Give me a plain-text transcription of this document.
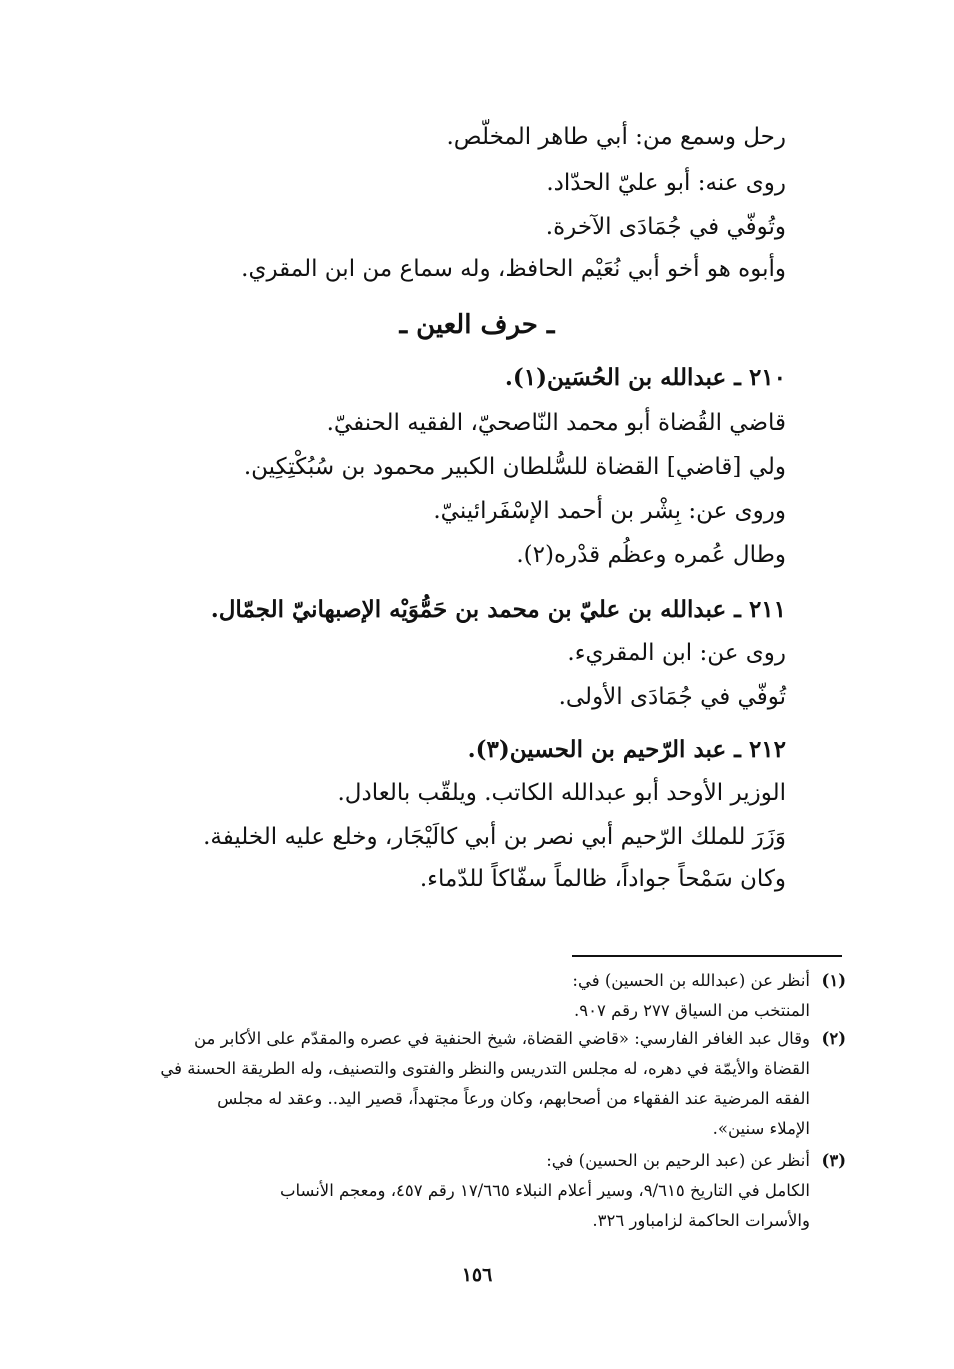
رحل وسمع من: أبي طاهر المخلّص.

روى عنه: أبو عليّ الحدّاد.

وتُوفّي في جُمَادَى الآخرة.

وأبوه هو أخو أبي نُعَيْم الحافظ، وله سماع من ابن المقري.

ـ حرف العين ـ

٢١٠ ـ عبدالله بن الحُسَين(١).

قاضي القُضاة أبو محمد النّاصحيّ، الفقيه الحنفيّ.

ولي [قاضي] القضاة للسُّلطان الكبير محمود بن سُبُكْتِكِين.

وروى عن: بِشْر بن أحمد الإسْفَرائينيّ.

وطال عُمره وعظُم قدْره(٢).

٢١١ ـ عبدالله بن عليّ بن محمد بن حَمُّوَيْه الإصبهانيّ الجمّال.

روى عن: ابن المقريء.

تُوفّي في جُمَادَى الأولى.

٢١٢ ـ عبد الرّحيم بن الحسين(٣).

الوزير الأوحد أبو عبدالله الكاتب. ويلقّب بالعادل.

وَزَرَ للملك الرّحيم أبي نصر بن أبي كالَيْجَار، وخلع عليه الخليفة.

وكان سَمْحاً جواداً، ظالماً سفّاكاً للدّماء.

(١)أنظر عن (عبدالله بن الحسين) في:
المنتخب من السياق ٢٧٧ رقم ٩٠٧.
(٢)وقال عبد الغافر الفارسي: «قاضي القضاة، شيخ الحنفية في عصره والمقدّم على الأكابر من
القضاة والأيمّة في دهره، له مجلس التدريس والنظر والفتوى والتصنيف، وله الطريقة الحسنة في
الفقه المرضية عند الفقهاء من أصحابهم، وكان ورعاً مجتهداً، قصير اليد.. وعقد له مجلس
الإملاء سنين».
(٣)أنظر عن (عبد الرحيم بن الحسين) في:
الكامل في التاريخ ٩/٦١٥، وسير أعلام النبلاء ١٧/٦٦٥ رقم ٤٥٧، ومعجم الأنساب
والأسرات الحاكمة لزامباور ٣٢٦.
١٥٦
